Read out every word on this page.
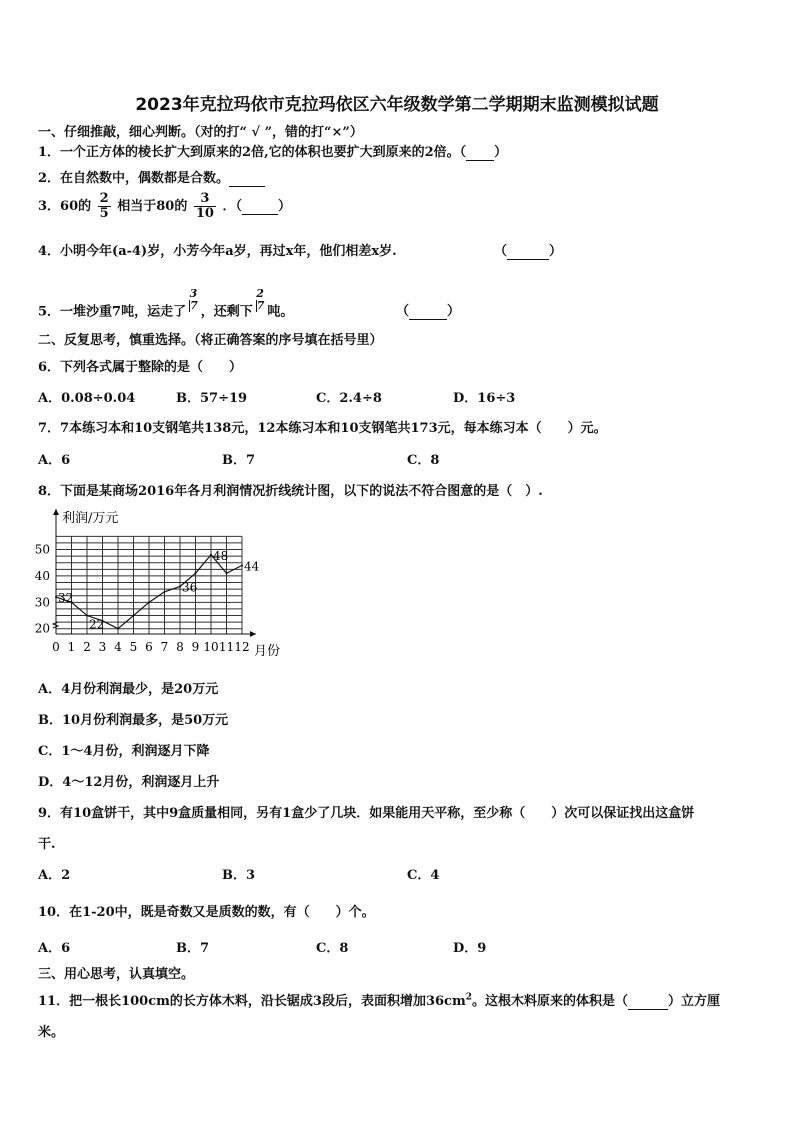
2023年克拉玛依市克拉玛依区六年级数学第二学期期末监测模拟试题
一、仔细推敲，细心判断。（对的打“ √ ”，错的打“×”）
1．一个正方体的棱长扩大到原来的2倍,它的体积也要扩大到原来的2倍。（ ）
2．在自然数中，偶数都是合数。
3．60的 $\frac{2}{5}$ 相当于80的 $\frac{3}{10}$ ．（	）
4．小明今年(a-4)岁，小芳今年a岁，再过x年，他们相差x岁.	（	）
5．一堆沙重7吨，运走了
3
7 ，还剩下
2
7 吨。	（	）
二、反复思考，慎重选择。（将正确答案的序号填在括号里）
6．下列各式属于整除的是（　　）
A．0.08÷0.04	B．57÷19	C．2.4÷8	D．16÷3
7．7本练习本和10支钢笔共138元，12本练习本和10支钢笔共173元，每本练习本（　　）元。
A．6	B．7	C．8
8．下面是某商场2016年各月利润情况折线统计图，以下的说法不符合图意的是（　）.
0 1 2 3 4 5 6 7 8 9 10 11 12
20
30
40
50
32
22
36
48
44
利润/万元
月份
A．4月份利润最少，是20万元
B．10月份利润最多，是50万元
C．1～4月份，利润逐月下降
D．4～12月份，利润逐月上升
9．有10盒饼干，其中9盒质量相同，另有1盒少了几块．如果能用天平称，至少称（　　）次可以保证找出这盒饼
干.
A．2	B．3	C．4
10．在1-20中，既是奇数又是质数的数，有（　　）个。
A．6	B．7	C．8	D．9
三、用心思考，认真填空。
11．把一根长100cm的长方体木料，沿长锯成3段后，表面积增加$36cm^2$。这根木料原来的体积是（	）立方厘
米。
